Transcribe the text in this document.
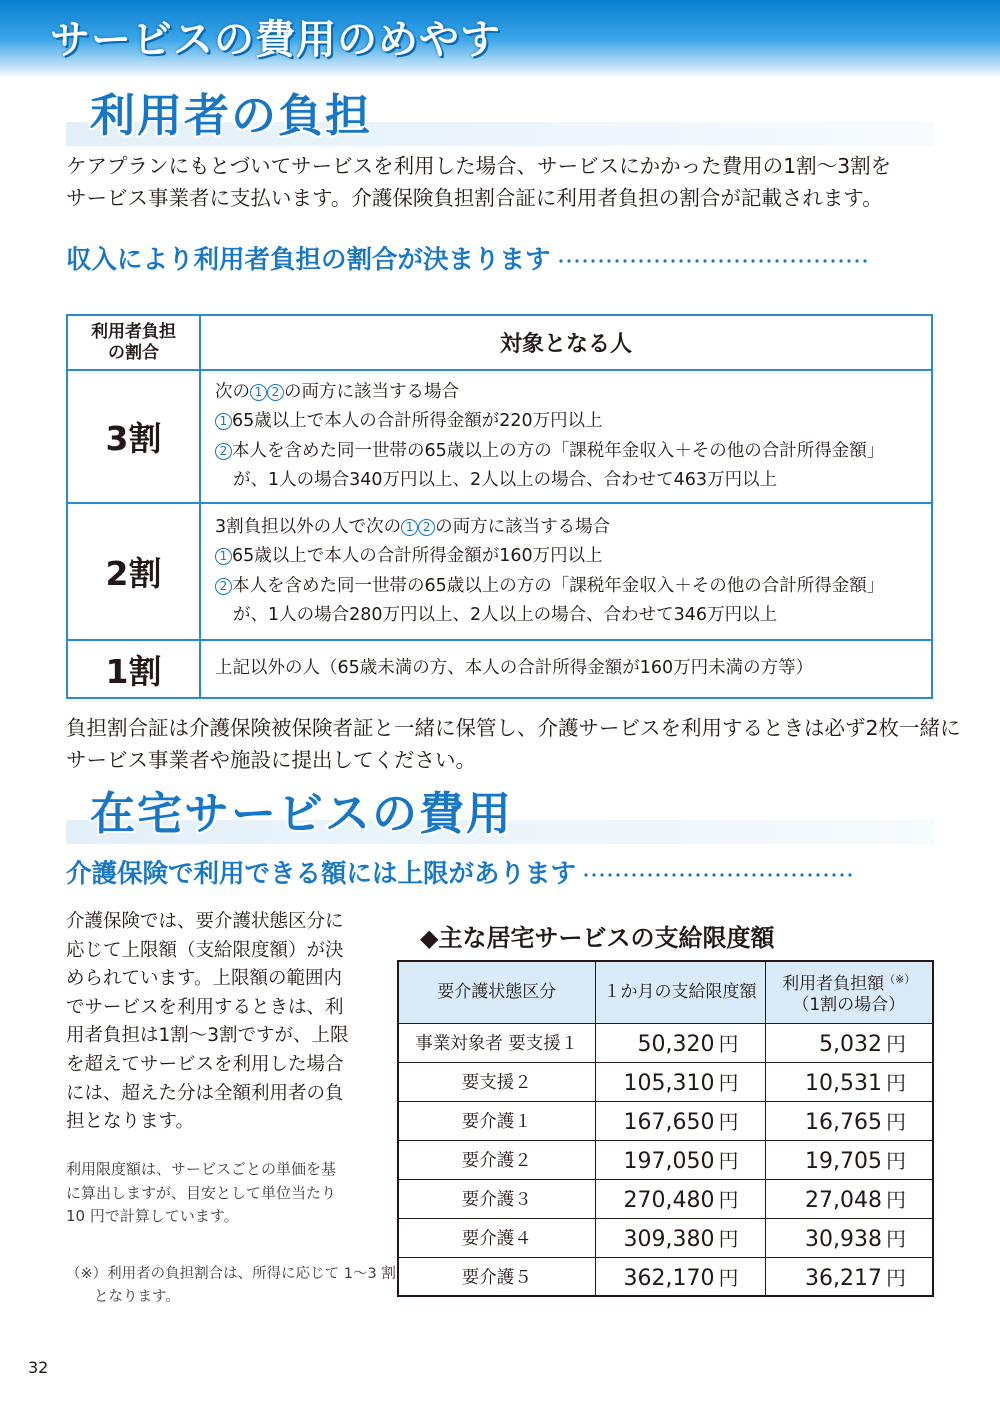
サービスの費用のめやす
利用者の負担
ケアプランにもとづいてサービスを利用した場合、サービスにかかった費用の1割～3割を
サービス事業者に支払います。介護保険負担割合証に利用者負担の割合が記載されます。
収入により利用者負担の割合が決まります
利用者負担
の割合	対象となる人
3割	次の 1 2 の両方に該当する場合
1 65歳以上で本人の合計所得金額が220万円以上
2 本人を含めた同一世帯の65歳以上の方の「課税年金収入＋その他の合計所得金額」
が、1人の場合340万円以上、2人以上の場合、合わせて463万円以上

2割	3割負担以外の人で次の 1 2 の両方に該当する場合
1 65歳以上で本人の合計所得金額が160万円以上
2 本人を含めた同一世帯の65歳以上の方の「課税年金収入＋その他の合計所得金額」
が、1人の場合280万円以上、2人以上の場合、合わせて346万円以上

1割	上記以外の人（65歳未満の方、本人の合計所得金額が160万円未満の方等）
負担割合証は介護保険被保険者証と一緒に保管し、介護サービスを利用するときは必ず2枚一緒に
サービス事業者や施設に提出してください。
在宅サービスの費用
介護保険で利用できる額には上限があります
介護保険では、要介護状態区分に
応じて上限額（支給限度額）が決
められています。上限額の範囲内
でサービスを利用するときは、利
用者負担は1割～3割ですが、上限
を超えてサービスを利用した場合
には、超えた分は全額利用者の負
担となります。
利用限度額は、サービスごとの単価を基
に算出しますが、目安として単位当たり
10 円で計算しています。
（※）利用者の負担割合は、所得に応じて 1～3 割
となります。
◆主な居宅サービスの支給限度額
要介護状態区分	１か月の支給限度額	利用者負担額（※）
（1割の場合）

事業対象者 要支援１	50,320 円	5,032 円
要支援２	105,310 円	10,531 円
要介護１	167,650 円	16,765 円
要介護２	197,050 円	19,705 円
要介護３	270,480 円	27,048 円
要介護４	309,380 円	30,938 円
要介護５	362,170 円	36,217 円
32
